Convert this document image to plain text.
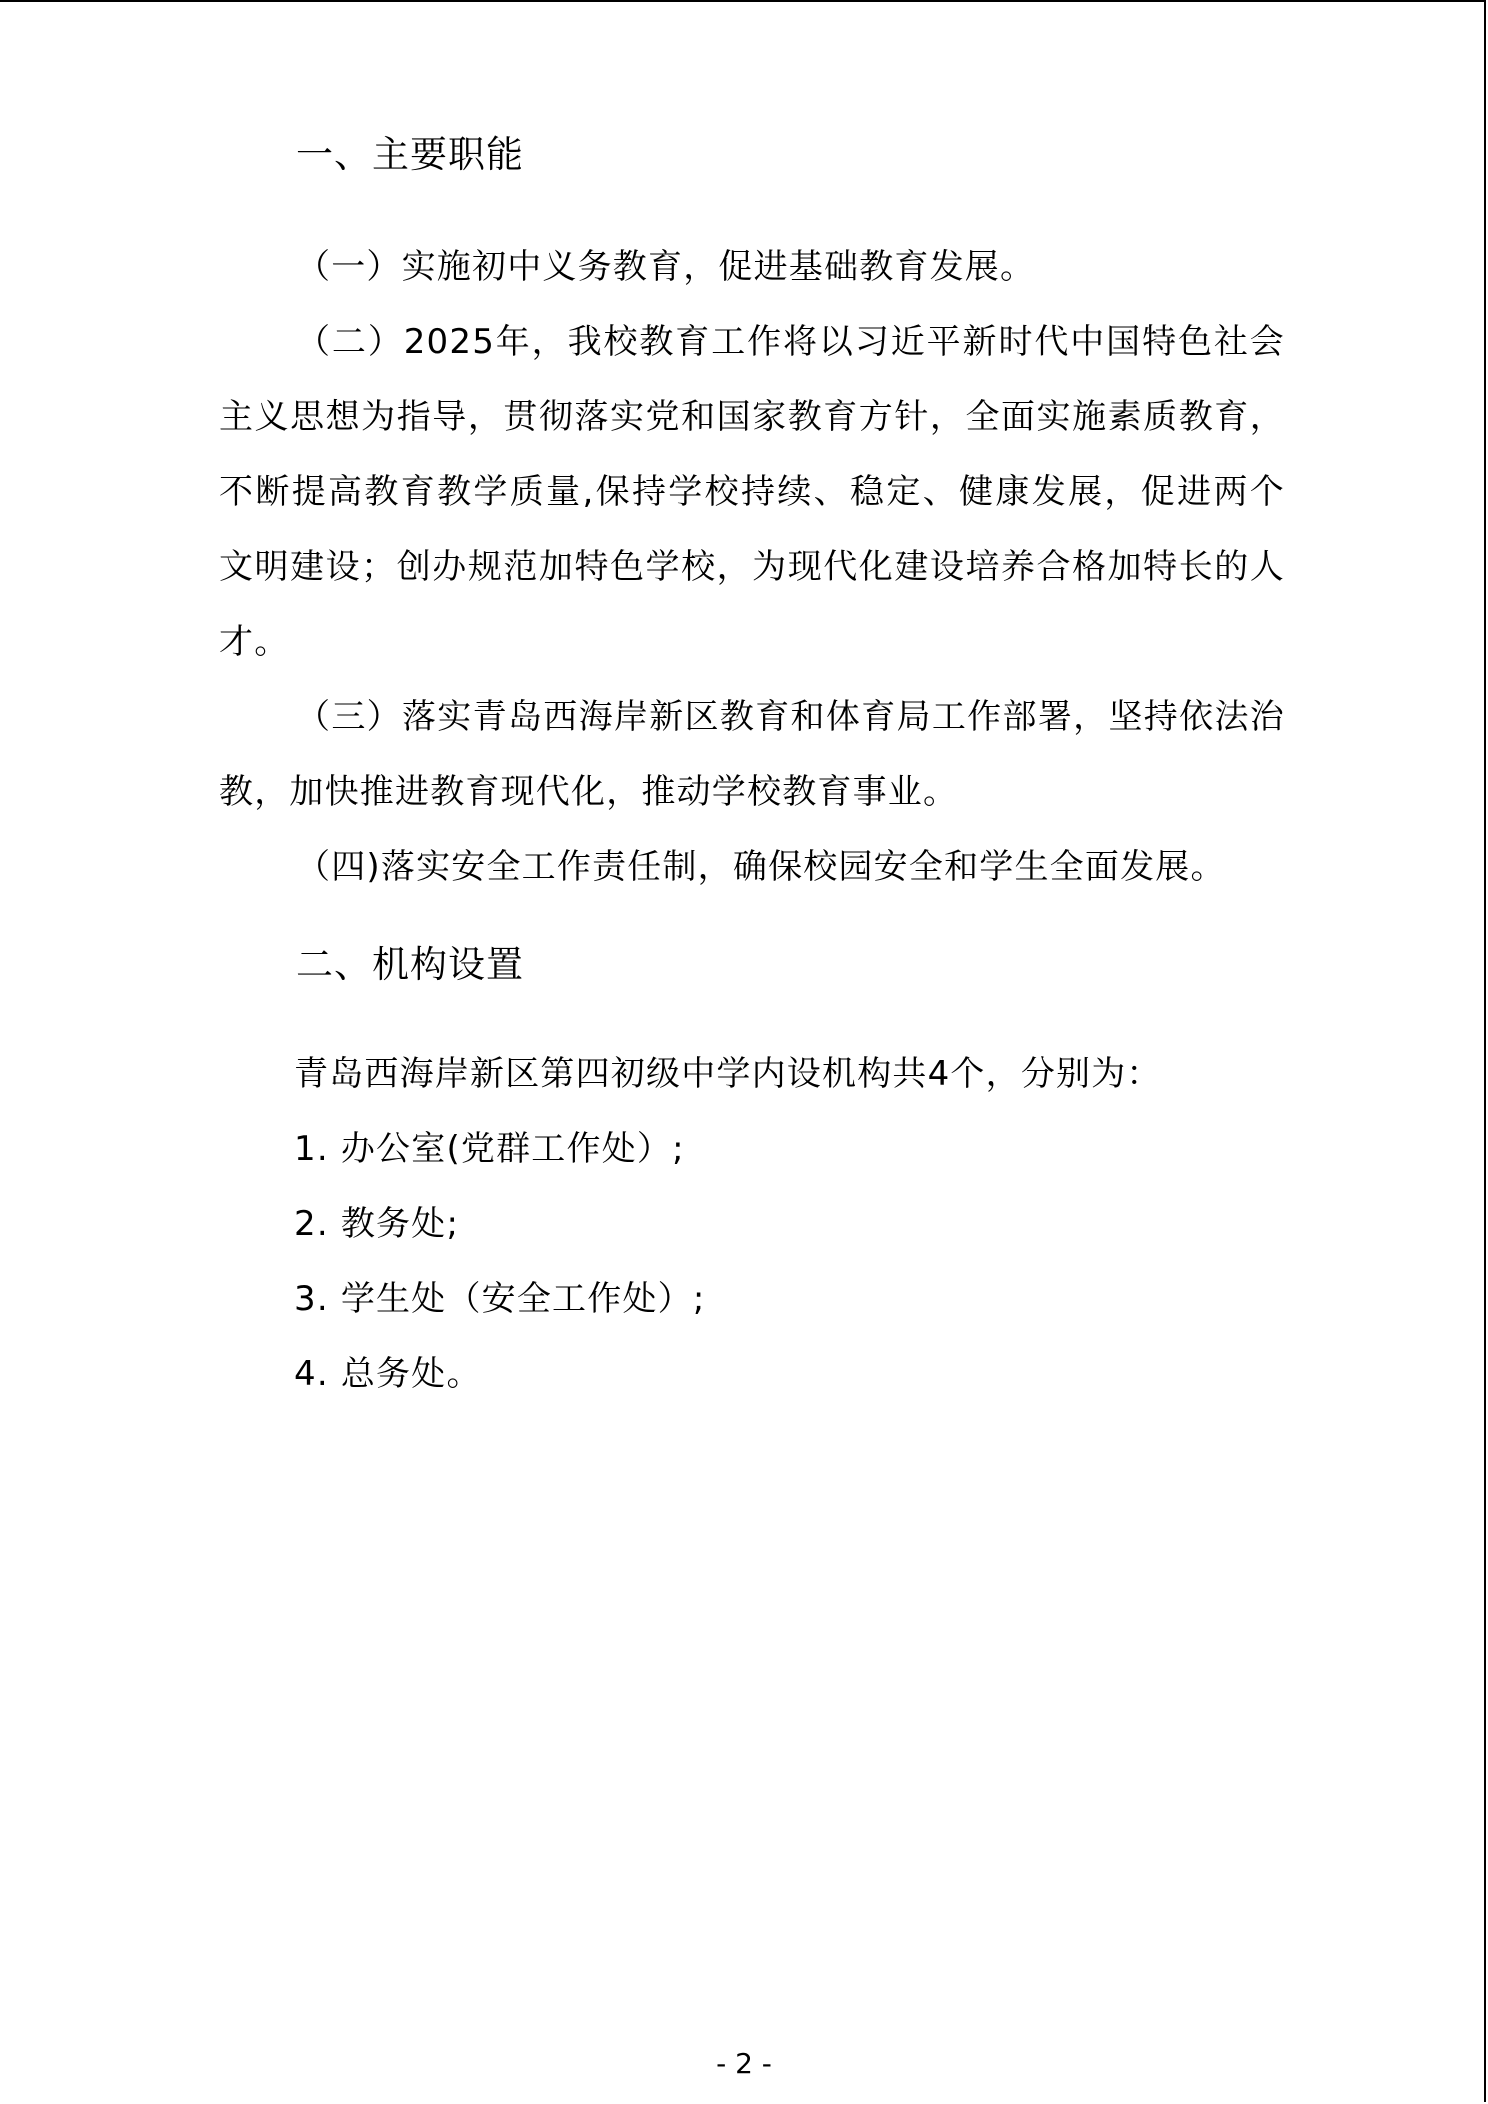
一、主要职能

（一）实施初中义务教育，促进基础教育发展。

（二）2025年，我校教育工作将以习近平新时代中国特色社会主义思想为指导，贯彻落实党和国家教育方针，全面实施素质教育，不断提高教育教学质量,保持学校持续、稳定、健康发展，促进两个文明建设；创办规范加特色学校，为现代化建设培养合格加特长的人才。

（三）落实青岛西海岸新区教育和体育局工作部署，坚持依法治教，加快推进教育现代化，推动学校教育事业。

（四)落实安全工作责任制，确保校园安全和学生全面发展。

二、机构设置

青岛西海岸新区第四初级中学内设机构共4个，分别为：

1. 办公室(党群工作处）;

2. 教务处;

3. 学生处（安全工作处）;

4. 总务处。

- 2 -
